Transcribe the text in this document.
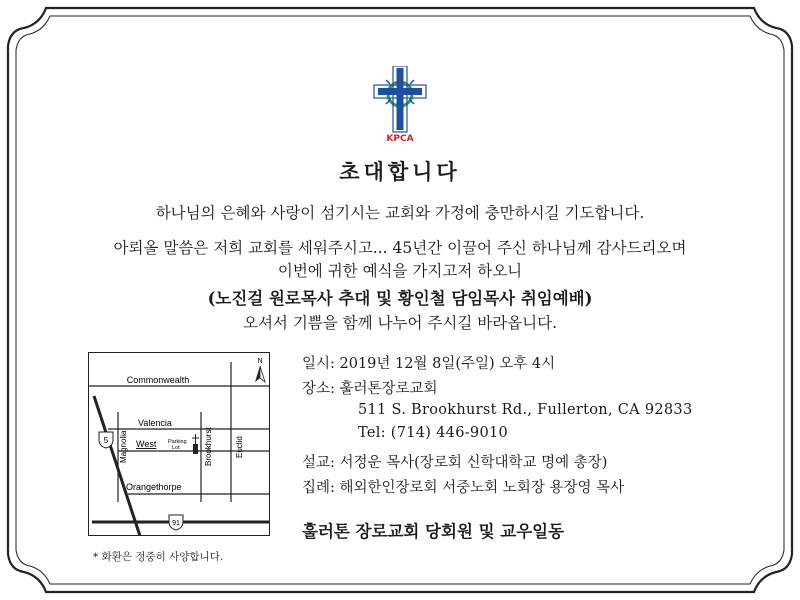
KPCA
초대합니다
하나님의 은혜와 사랑이 섬기시는 교회와 가정에 충만하시길 기도합니다.
아뢰올 말씀은 저희 교회를 세워주시고... 45년간 이끌어 주신 하나님께 감사드리오며
이번에 귀한 예식을 가지고저 하오니
(노진걸 원로목사 추대 및 황인철 담임목사 취임예배)
오셔서 기쁨을 함께 나누어 주시길 바라옵니다.
N
Commonwealth
Valencia
West Parking
Lot
Orangethorpe
Magnolia	Brookhurst	Euclid
5
91
* 화환은 정중히 사양합니다.
일시: 2019년 12월 8일(주일) 오후 4시
장소: 훌러톤장로교회
511 S. Brookhurst Rd., Fullerton, CA 92833
Tel: (714) 446-9010
설교: 서정운 목사(장로회 신학대학교 명예 총장)
집례: 해외한인장로회 서중노회 노회장 용장영 목사
훌러톤 장로교회 당회원 및 교우일동
